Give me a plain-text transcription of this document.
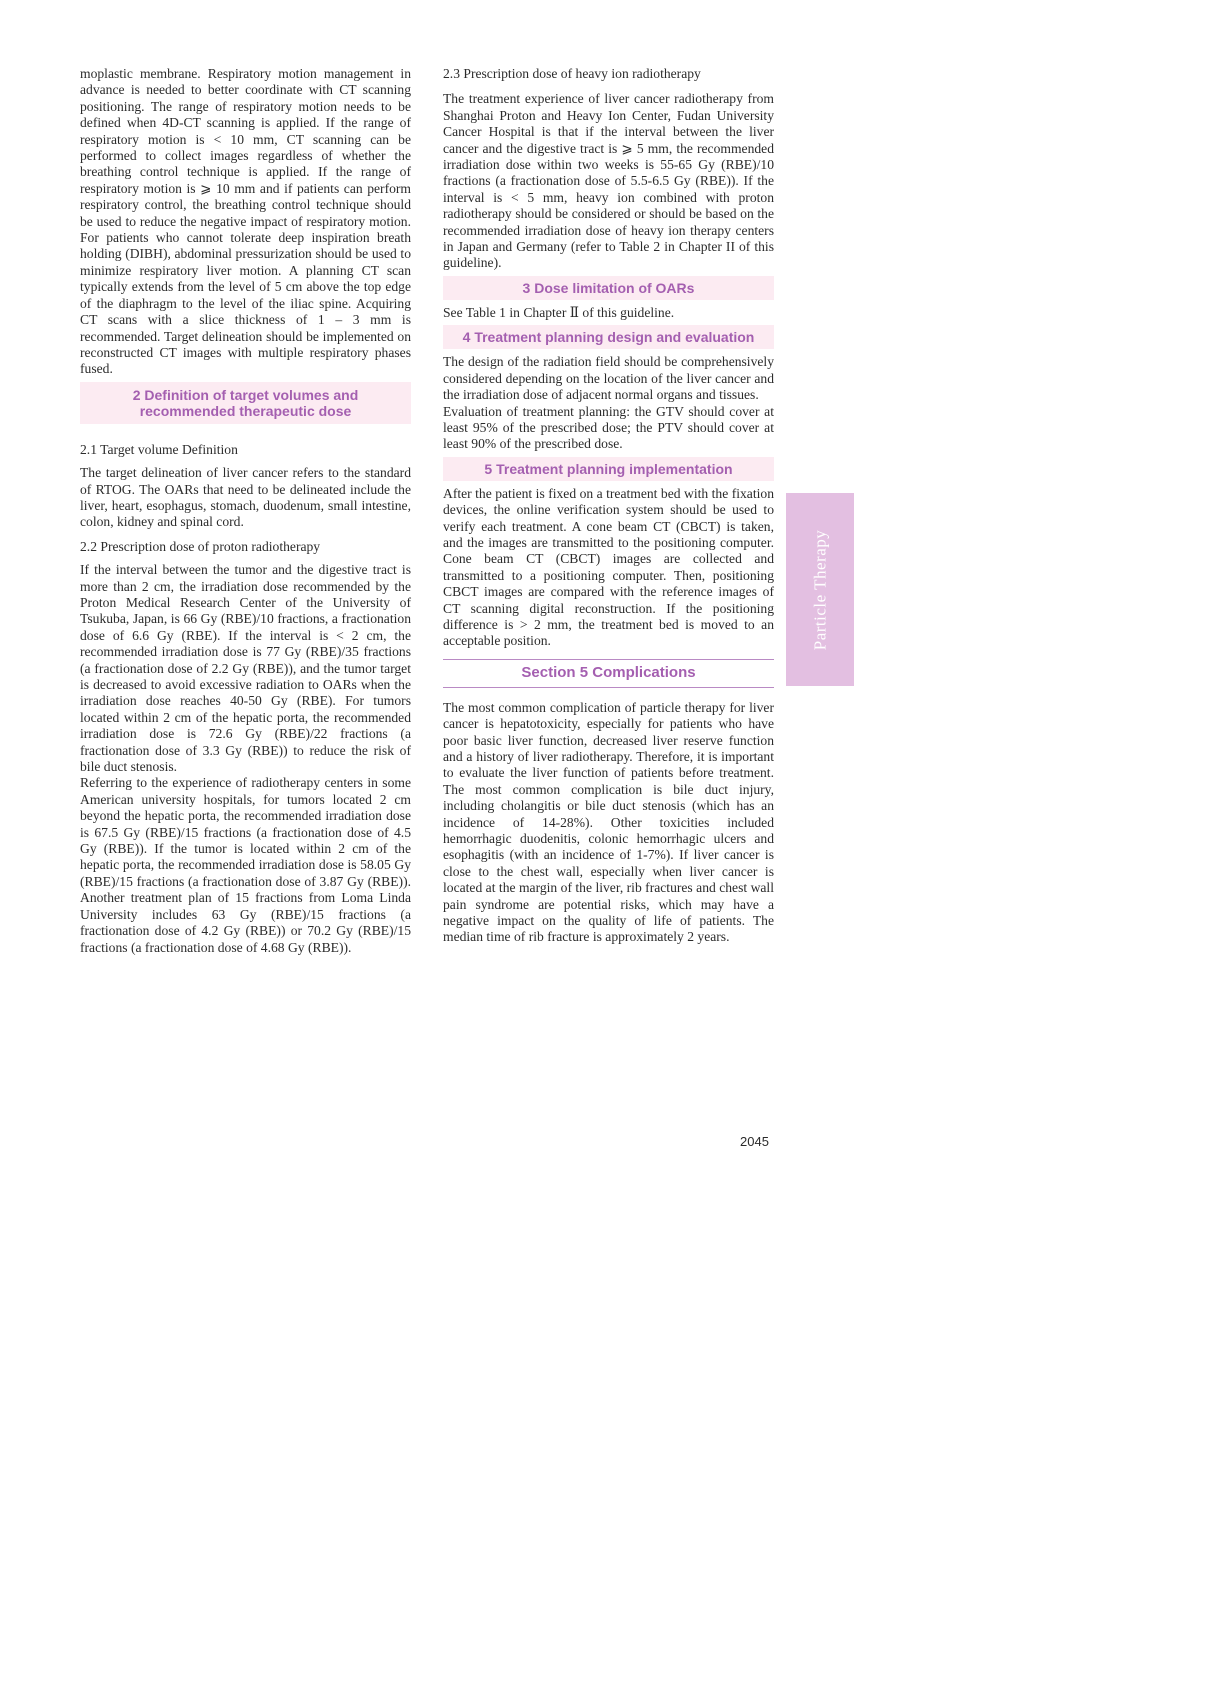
moplastic membrane. Respiratory motion management in advance is needed to better coordinate with CT scanning positioning. The range of respiratory motion needs to be defined when 4D-CT scanning is applied. If the range of respiratory motion is < 10 mm, CT scanning can be performed to collect images regardless of whether the breathing control technique is applied. If the range of respiratory motion is ⩾ 10 mm and if patients can perform respiratory control, the breathing control technique should be used to reduce the negative impact of respiratory motion. For patients who cannot tolerate deep inspiration breath holding (DIBH), abdominal pressurization should be used to minimize respiratory liver motion. A planning CT scan typically extends from the level of 5 cm above the top edge of the diaphragm to the level of the iliac spine. Acquiring CT scans with a slice thickness of 1 – 3 mm is recommended. Target delineation should be implemented on reconstructed CT images with multiple respiratory phases fused.

2 Definition of target volumes and
recommended therapeutic dose
2.1 Target volume Definition

The target delineation of liver cancer refers to the standard of RTOG. The OARs that need to be delineated include the liver, heart, esophagus, stomach, duodenum, small intestine, colon, kidney and spinal cord.

2.2 Prescription dose of proton radiotherapy

If the interval between the tumor and the digestive tract is more than 2 cm, the irradiation dose recommended by the Proton Medical Research Center of the University of Tsukuba, Japan, is 66 Gy (RBE)/10 fractions, a fractionation dose of 6.6 Gy (RBE). If the interval is < 2 cm, the recommended irradiation dose is 77 Gy (RBE)/35 fractions (a fractionation dose of 2.2 Gy (RBE)), and the tumor target is decreased to avoid excessive radiation to OARs when the irradiation dose reaches 40-50 Gy (RBE). For tumors located within 2 cm of the hepatic porta, the recommended irradiation dose is 72.6 Gy (RBE)/22 fractions (a fractionation dose of 3.3 Gy (RBE)) to reduce the risk of bile duct stenosis.

Referring to the experience of radiotherapy centers in some American university hospitals, for tumors located 2 cm beyond the hepatic porta, the recommended irradiation dose is 67.5 Gy (RBE)/15 fractions (a fractionation dose of 4.5 Gy (RBE)). If the tumor is located within 2 cm of the hepatic porta, the recommended irradiation dose is 58.05 Gy (RBE)/15 fractions (a fractionation dose of 3.87 Gy (RBE)). Another treatment plan of 15 fractions from Loma Linda University includes 63 Gy (RBE)/15 fractions (a fractionation dose of 4.2 Gy (RBE)) or 70.2 Gy (RBE)/15 fractions (a fractionation dose of 4.68 Gy (RBE)).

2.3 Prescription dose of heavy ion radiotherapy

The treatment experience of liver cancer radiotherapy from Shanghai Proton and Heavy Ion Center, Fudan University Cancer Hospital is that if the interval between the liver cancer and the digestive tract is ⩾ 5 mm, the recommended irradiation dose within two weeks is 55-65 Gy (RBE)/10 fractions (a fractionation dose of 5.5-6.5 Gy (RBE)). If the interval is < 5 mm, heavy ion combined with proton radiotherapy should be considered or should be based on the recommended irradiation dose of heavy ion therapy centers in Japan and Germany (refer to Table 2 in Chapter II of this guideline).

3 Dose limitation of OARs

See Table 1 in Chapter Ⅱ of this guideline.

4 Treatment planning design and evaluation

The design of the radiation field should be comprehensively considered depending on the location of the liver cancer and the irradiation dose of adjacent normal organs and tissues.

Evaluation of treatment planning: the GTV should cover at least 95% of the prescribed dose; the PTV should cover at least 90% of the prescribed dose.

5 Treatment planning implementation

After the patient is fixed on a treatment bed with the fixation devices, the online verification system should be used to verify each treatment. A cone beam CT (CBCT) is taken, and the images are transmitted to the positioning computer. Cone beam CT (CBCT) images are collected and transmitted to a positioning computer. Then, positioning CBCT images are compared with the reference images of CT scanning digital reconstruction. If the positioning difference is > 2 mm, the treatment bed is moved to an acceptable position.

Section 5 Complications

The most common complication of particle therapy for liver cancer is hepatotoxicity, especially for patients who have poor basic liver function, decreased liver reserve function and a history of liver radiotherapy. Therefore, it is important to evaluate the liver function of patients before treatment. The most common complication is bile duct injury, including cholangitis or bile duct stenosis (which has an incidence of 14-28%). Other toxicities included hemorrhagic duodenitis, colonic hemorrhagic ulcers and esophagitis (with an incidence of 1-7%). If liver cancer is close to the chest wall, especially when liver cancer is located at the margin of the liver, rib fractures and chest wall pain syndrome are potential risks, which may have a negative impact on the quality of life of patients. The median time of rib fracture is approximately 2 years.

Particle Therapy
2045
